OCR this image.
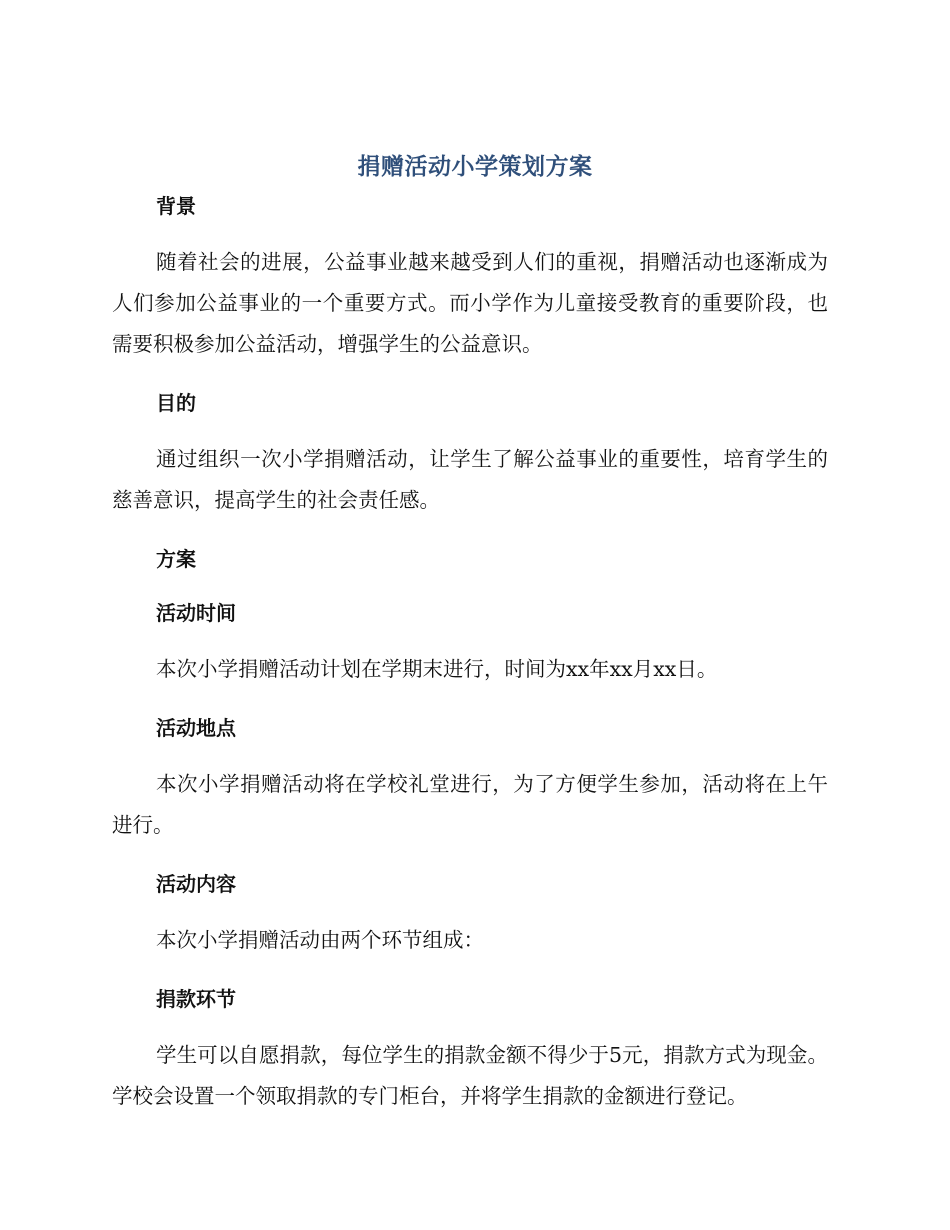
捐赠活动小学策划方案

背景

随着社会的进展，公益事业越来越受到人们的重视，捐赠活动也逐渐成为人们参加公益事业的一个重要方式。而小学作为儿童接受教育的重要阶段，也需要积极参加公益活动，增强学生的公益意识。

目的

通过组织一次小学捐赠活动，让学生了解公益事业的重要性，培育学生的慈善意识，提高学生的社会责任感。

方案

活动时间

本次小学捐赠活动计划在学期末进行，时间为xx年xx月xx日。

活动地点

本次小学捐赠活动将在学校礼堂进行，为了方便学生参加，活动将在上午进行。

活动内容

本次小学捐赠活动由两个环节组成：

捐款环节

学生可以自愿捐款，每位学生的捐款金额不得少于5元，捐款方式为现金。学校会设置一个领取捐款的专门柜台，并将学生捐款的金额进行登记。
